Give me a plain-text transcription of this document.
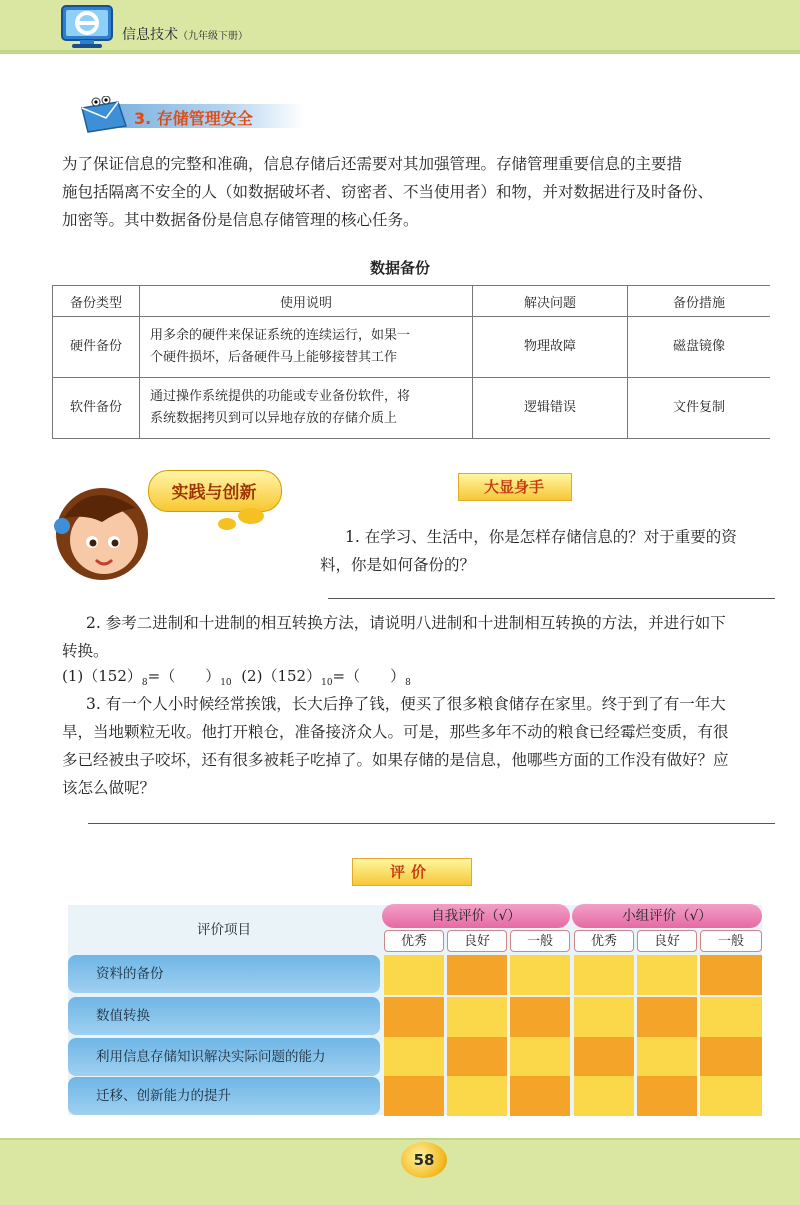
信息技术（九年级下册）
3. 存储管理安全
为了保证信息的完整和准确，信息存储后还需要对其加强管理。存储管理重要信息的主要措
施包括隔离不安全的人（如数据破坏者、窃密者、不当使用者）和物，并对数据进行及时备份、
加密等。其中数据备份是信息存储管理的核心任务。
数据备份
备份类型	使用说明	解决问题	备份措施
硬件备份	用多余的硬件来保证系统的连续运行，如果一
个硬件损坏，后备硬件马上能够接替其工作	物理故障	磁盘镜像
软件备份	通过操作系统提供的功能或专业备份软件，将
系统数据拷贝到可以异地存放的存储介质上	逻辑错误	文件复制
实践与创新	大显身手
1. 在学习、生活中，你是怎样存储信息的？对于重要的资
料，你是如何备份的？
2. 参考二进制和十进制的相互转换方法，请说明八进制和十进制相互转换的方法，并进行如下
转换。
$(1)(152)_8=$（　　）$_{10}$ $(2)(152)_{10}=$（　　）$_8$
3. 有一个人小时候经常挨饿，长大后挣了钱，便买了很多粮食储存在家里。终于到了有一年大
旱，当地颗粒无收。他打开粮仓，准备接济众人。可是，那些多年不动的粮食已经霉烂变质，有很
多已经被虫子咬坏，还有很多被耗子吃掉了。如果存储的是信息，他哪些方面的工作没有做好？应
该怎么做呢？
评价
评价项目
自我评价（√）	小组评价（√）
优秀	良好	一般	优秀	良好	一般
资料的备份
数值转换
利用信息存储知识解决实际问题的能力
迁移、创新能力的提升
58
